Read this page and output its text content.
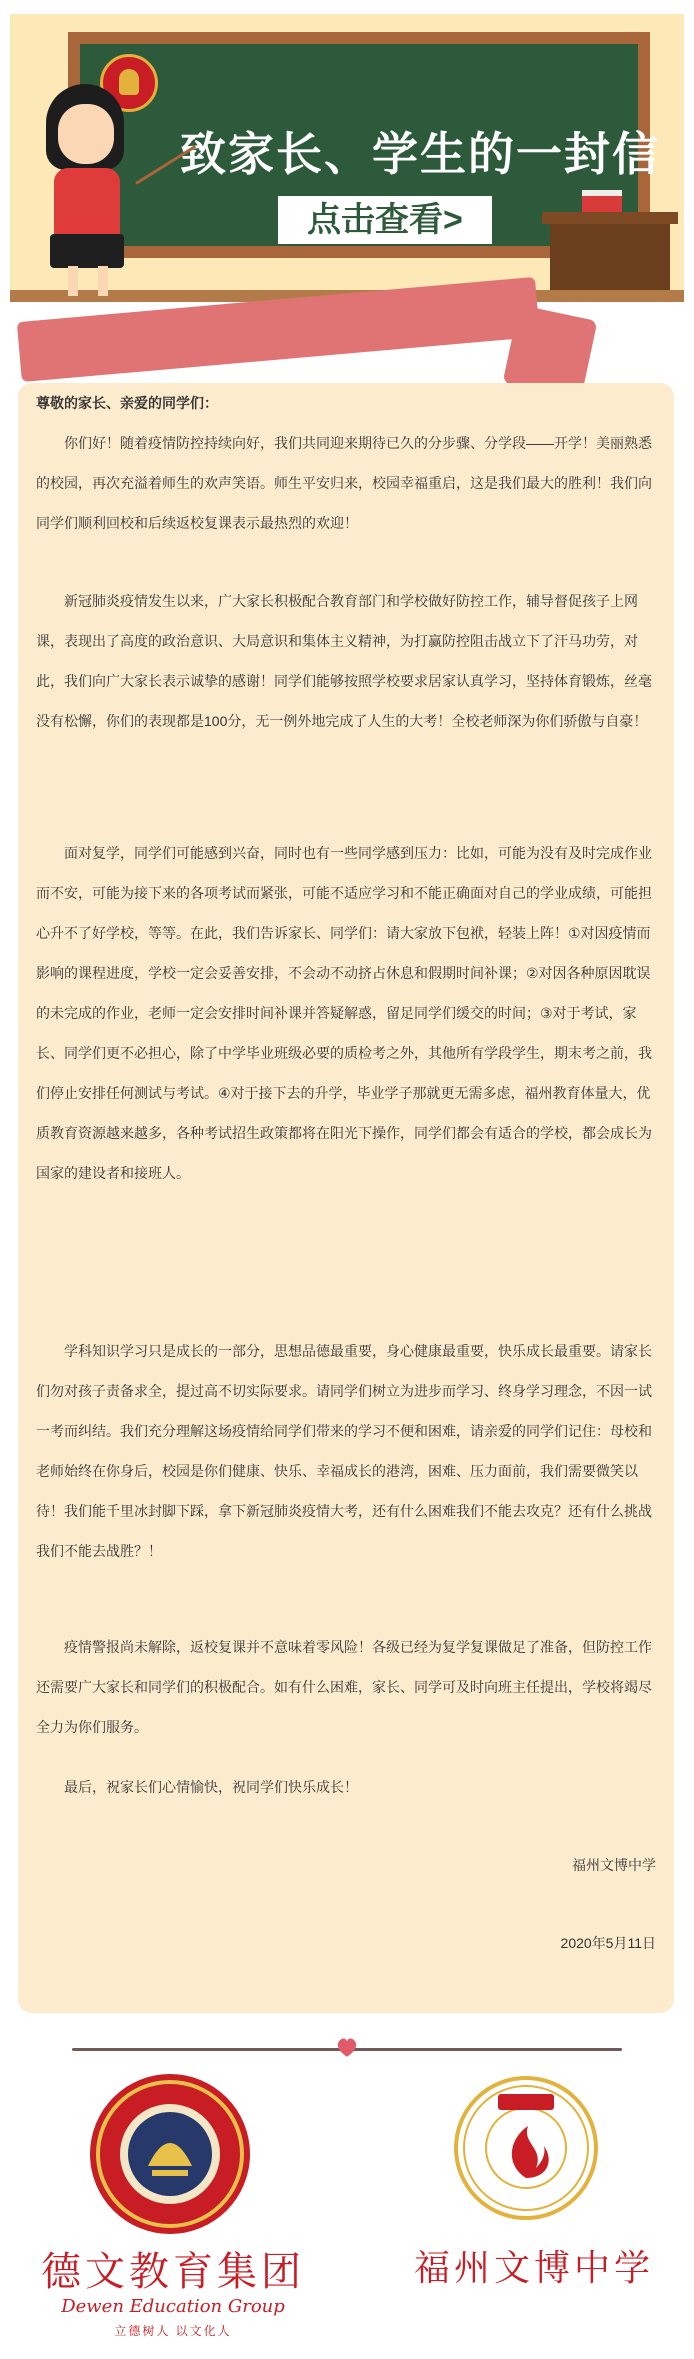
致家长、学生的一封信
点击查看>
尊敬的家长、亲爱的同学们：

你们好！随着疫情防控持续向好，我们共同迎来期待已久的分步骤、分学段——开学！美丽熟悉的校园，再次充溢着师生的欢声笑语。师生平安归来，校园幸福重启，这是我们最大的胜利！我们向同学们顺利回校和后续返校复课表示最热烈的欢迎！

新冠肺炎疫情发生以来，广大家长积极配合教育部门和学校做好防控工作，辅导督促孩子上网课，表现出了高度的政治意识、大局意识和集体主义精神，为打赢防控阻击战立下了汗马功劳，对此，我们向广大家长表示诚挚的感谢！同学们能够按照学校要求居家认真学习，坚持体育锻炼，丝毫没有松懈，你们的表现都是100分，无一例外地完成了人生的大考！全校老师深为你们骄傲与自豪！

面对复学，同学们可能感到兴奋，同时也有一些同学感到压力：比如，可能为没有及时完成作业而不安，可能为接下来的各项考试而紧张，可能不适应学习和不能正确面对自己的学业成绩，可能担心升不了好学校，等等。在此，我们告诉家长、同学们：请大家放下包袱，轻装上阵！①对因疫情而影响的课程进度，学校一定会妥善安排，不会动不动挤占休息和假期时间补课；②对因各种原因耽误的未完成的作业，老师一定会安排时间补课并答疑解惑，留足同学们缓交的时间；③对于考试，家长、同学们更不必担心，除了中学毕业班级必要的质检考之外，其他所有学段学生，期末考之前，我们停止安排任何测试与考试。④对于接下去的升学，毕业学子那就更无需多虑，福州教育体量大，优质教育资源越来越多，各种考试招生政策都将在阳光下操作，同学们都会有适合的学校，都会成长为国家的建设者和接班人。

学科知识学习只是成长的一部分，思想品德最重要，身心健康最重要，快乐成长最重要。请家长们勿对孩子责备求全，提过高不切实际要求。请同学们树立为进步而学习、终身学习理念，不因一试一考而纠结。我们充分理解这场疫情给同学们带来的学习不便和困难，请亲爱的同学们记住：母校和老师始终在你身后，校园是你们健康、快乐、幸福成长的港湾，困难、压力面前，我们需要微笑以待！我们能千里冰封脚下踩，拿下新冠肺炎疫情大考，还有什么困难我们不能去攻克？还有什么挑战我们不能去战胜？！

疫情警报尚未解除，返校复课并不意味着零风险！各级已经为复学复课做足了准备，但防控工作还需要广大家长和同学们的积极配合。如有什么困难，家长、同学可及时向班主任提出，学校将竭尽全力为你们服务。

最后，祝家长们心情愉快，祝同学们快乐成长！
福州文博中学
2020年5月11日
德文教育集团
Dewen Education Group
立德树人 以文化人
福州文博中学
